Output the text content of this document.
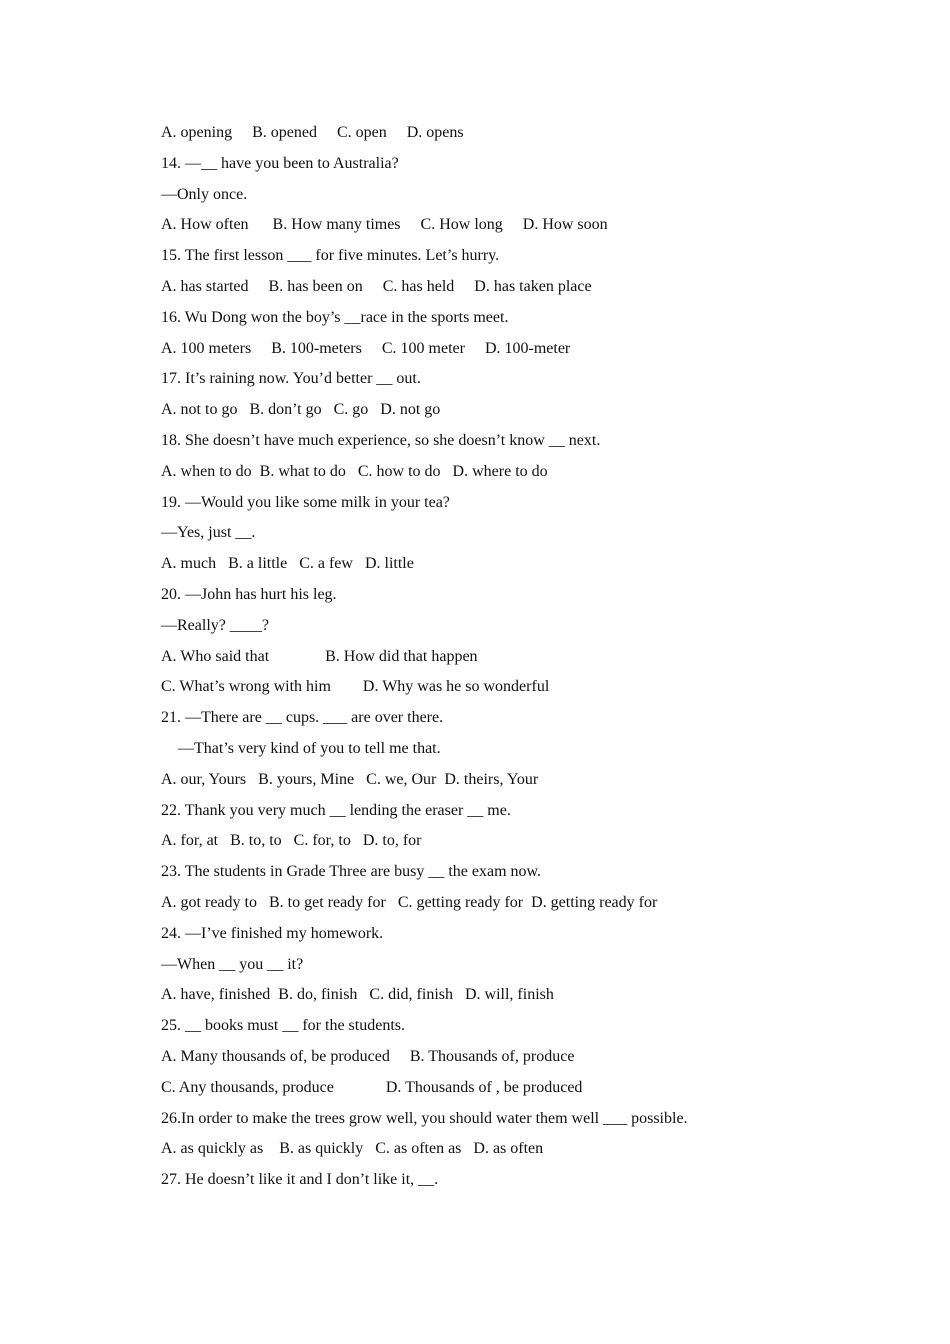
A. opening     B. opened     C. open     D. opens
14. —__ have you been to Australia?
—Only once.
A. How often      B. How many times     C. How long     D. How soon
15. The first lesson ___ for five minutes. Let’s hurry.
A. has started     B. has been on     C. has held     D. has taken place
16. Wu Dong won the boy’s __race in the sports meet.
A. 100 meters     B. 100-meters     C. 100 meter     D. 100-meter
17. It’s raining now. You’d better __ out.
A. not to go   B. don’t go   C. go   D. not go
18. She doesn’t have much experience, so she doesn’t know __ next.
A. when to do  B. what to do   C. how to do   D. where to do
19. —Would you like some milk in your tea?
—Yes, just __.
A. much   B. a little   C. a few   D. little
20. —John has hurt his leg.
—Really? ____?
A. Who said that              B. How did that happen
C. What’s wrong with him        D. Why was he so wonderful
21. —There are __ cups. ___ are over there.
—That’s very kind of you to tell me that.
A. our, Yours   B. yours, Mine   C. we, Our  D. theirs, Your
22. Thank you very much __ lending the eraser __ me.
A. for, at   B. to, to   C. for, to   D. to, for
23. The students in Grade Three are busy __ the exam now.
A. got ready to   B. to get ready for   C. getting ready for  D. getting ready for
24. —I’ve finished my homework.
—When __ you __ it?
A. have, finished  B. do, finish   C. did, finish   D. will, finish
25. __ books must __ for the students.
A. Many thousands of, be produced     B. Thousands of, produce
C. Any thousands, produce             D. Thousands of , be produced
26.In order to make the trees grow well, you should water them well ___ possible.
A. as quickly as    B. as quickly   C. as often as   D. as often
27. He doesn’t like it and I don’t like it, __.
